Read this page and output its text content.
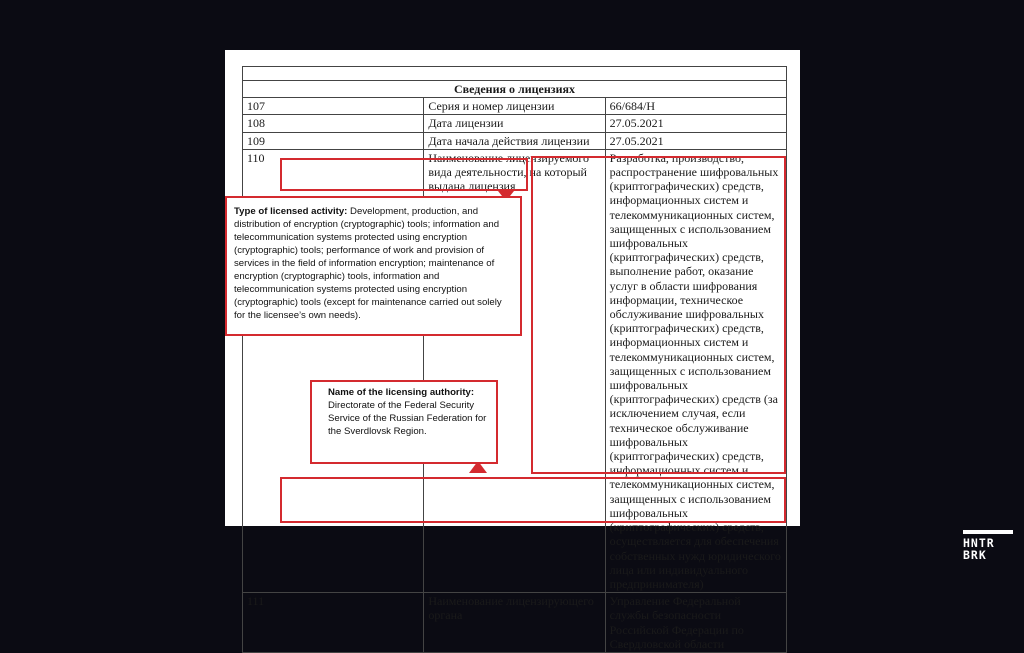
Сведения о лицензиях		
107	Серия и номер лицензии	66/684/Н
108	Дата лицензии	27.05.2021
109	Дата начала действия лицензии	27.05.2021
110	Наименование лицензируемого вида деятельности, на который выдана лицензия	Разработка, производство, распространение шифровальных (криптографических) средств, информационных систем и телекоммуникационных систем, защищенных с использованием шифровальных (криптографических) средств, выполнение работ, оказание услуг в области шифрования информации, техническое обслуживание шифровальных (криптографических) средств, информационных систем и телекоммуникационных систем, защищенных с использованием шифровальных (криптографических) средств (за исключением случая, если техническое обслуживание шифровальных (криптографических) средств, информационных систем и телекоммуникационных систем, защищенных с использованием шифровальных (криптографических) средств, осуществляется для обеспечения собственных нужд юридического лица или индивидуального предпринимателя)
111	Наименование лицензирующего органа	Управление Федеральной службы безопасности Российской Федерации по Свердловской области
Type of licensed activity: Development, production, and distribution of encryption (cryptographic) tools; information and telecommunication systems protected using encryption (cryptographic) tools; performance of work and provision of services in the field of information encryption; maintenance of encryption (cryptographic) tools, information and telecommunication systems protected using encryption (cryptographic) tools (except for maintenance carried out solely for the licensee’s own needs).
Name of the licensing authority:
Directorate of the Federal Security Service of the Russian Federation for the Sverdlovsk Region.
HNTR
BRK
